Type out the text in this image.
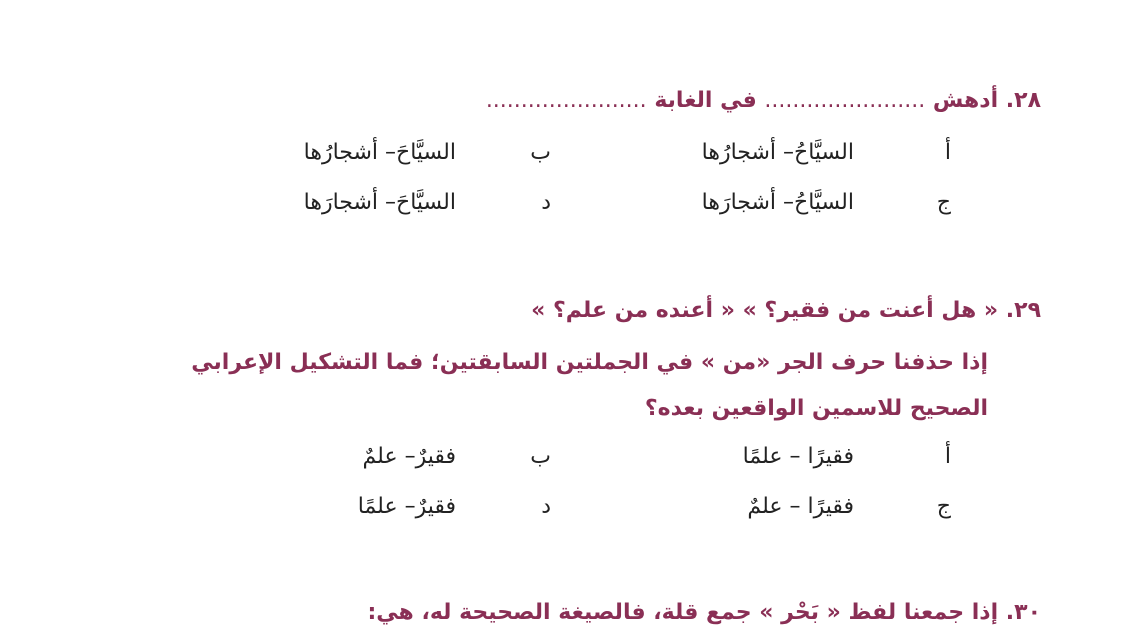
٢٨. أدهش ....................... في الغابة .......................
أ
السيَّاحُ– أشجارُها
ب
السيَّاحَ– أشجارُها
ج
السيَّاحُ– أشجارَها
د
السيَّاحَ– أشجارَها
٢٩. « هل أعنت من فقير؟ » « أعنده من علم؟ »
إذا حذفنا حرف الجر «من » في الجملتين السابقتين؛ فما التشكيل الإعرابي الصحيح للاسمين الواقعين بعده؟
أ
فقيرًا – علمًا
ب
فقيرٌ– علمٌ
ج
فقيرًا – علمٌ
د
فقيرٌ– علمًا
٣٠. إذا جمعنا لفظ « بَحْر » جمع قلة، فالصيغة الصحيحة له، هي:
